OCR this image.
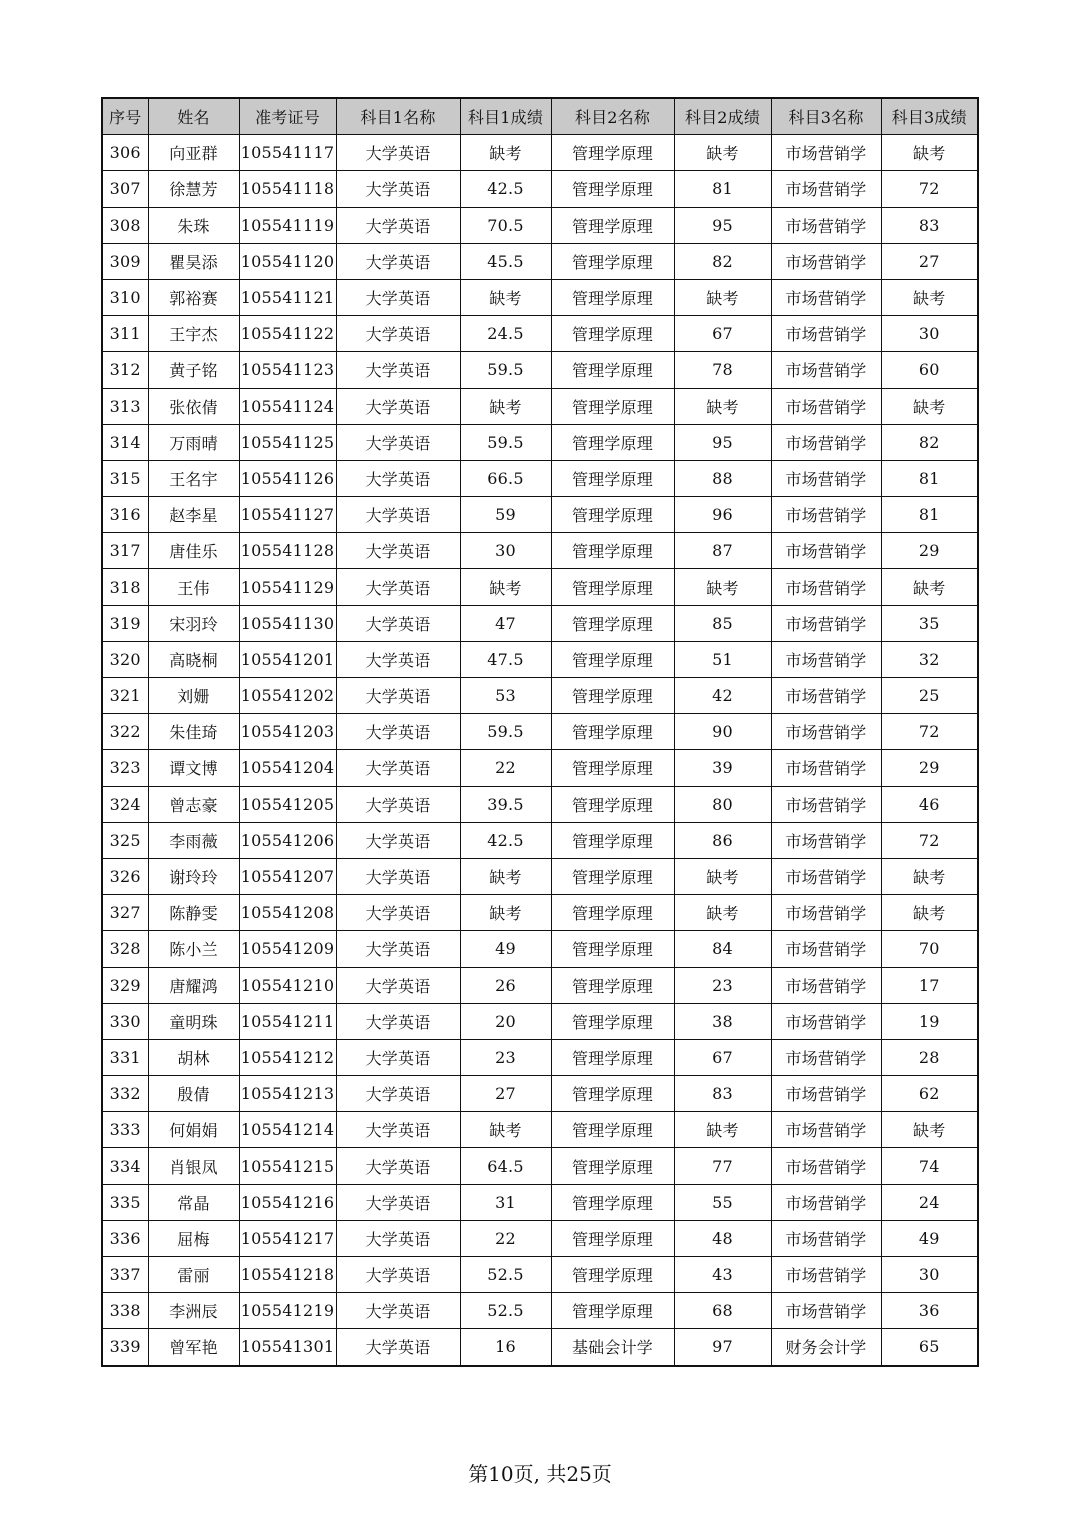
序号	姓名	准考证号	科目1名称	科目1成绩	科目2名称	科目2成绩	科目3名称	科目3成绩
306	向亚群	105541117	大学英语	缺考	管理学原理	缺考	市场营销学	缺考
307	徐慧芳	105541118	大学英语	42.5	管理学原理	81	市场营销学	72
308	朱珠	105541119	大学英语	70.5	管理学原理	95	市场营销学	83
309	瞿昊添	105541120	大学英语	45.5	管理学原理	82	市场营销学	27
310	郭裕赛	105541121	大学英语	缺考	管理学原理	缺考	市场营销学	缺考
311	王宇杰	105541122	大学英语	24.5	管理学原理	67	市场营销学	30
312	黄子铭	105541123	大学英语	59.5	管理学原理	78	市场营销学	60
313	张依倩	105541124	大学英语	缺考	管理学原理	缺考	市场营销学	缺考
314	万雨晴	105541125	大学英语	59.5	管理学原理	95	市场营销学	82
315	王名宇	105541126	大学英语	66.5	管理学原理	88	市场营销学	81
316	赵李星	105541127	大学英语	59	管理学原理	96	市场营销学	81
317	唐佳乐	105541128	大学英语	30	管理学原理	87	市场营销学	29
318	王伟	105541129	大学英语	缺考	管理学原理	缺考	市场营销学	缺考
319	宋羽玲	105541130	大学英语	47	管理学原理	85	市场营销学	35
320	高晓桐	105541201	大学英语	47.5	管理学原理	51	市场营销学	32
321	刘姗	105541202	大学英语	53	管理学原理	42	市场营销学	25
322	朱佳琦	105541203	大学英语	59.5	管理学原理	90	市场营销学	72
323	谭文博	105541204	大学英语	22	管理学原理	39	市场营销学	29
324	曾志豪	105541205	大学英语	39.5	管理学原理	80	市场营销学	46
325	李雨薇	105541206	大学英语	42.5	管理学原理	86	市场营销学	72
326	谢玲玲	105541207	大学英语	缺考	管理学原理	缺考	市场营销学	缺考
327	陈静雯	105541208	大学英语	缺考	管理学原理	缺考	市场营销学	缺考
328	陈小兰	105541209	大学英语	49	管理学原理	84	市场营销学	70
329	唐耀鸿	105541210	大学英语	26	管理学原理	23	市场营销学	17
330	童明珠	105541211	大学英语	20	管理学原理	38	市场营销学	19
331	胡林	105541212	大学英语	23	管理学原理	67	市场营销学	28
332	殷倩	105541213	大学英语	27	管理学原理	83	市场营销学	62
333	何娟娟	105541214	大学英语	缺考	管理学原理	缺考	市场营销学	缺考
334	肖银凤	105541215	大学英语	64.5	管理学原理	77	市场营销学	74
335	常晶	105541216	大学英语	31	管理学原理	55	市场营销学	24
336	屈梅	105541217	大学英语	22	管理学原理	48	市场营销学	49
337	雷丽	105541218	大学英语	52.5	管理学原理	43	市场营销学	30
338	李洲辰	105541219	大学英语	52.5	管理学原理	68	市场营销学	36
339	曾军艳	105541301	大学英语	16	基础会计学	97	财务会计学	65
第10页, 共25页
